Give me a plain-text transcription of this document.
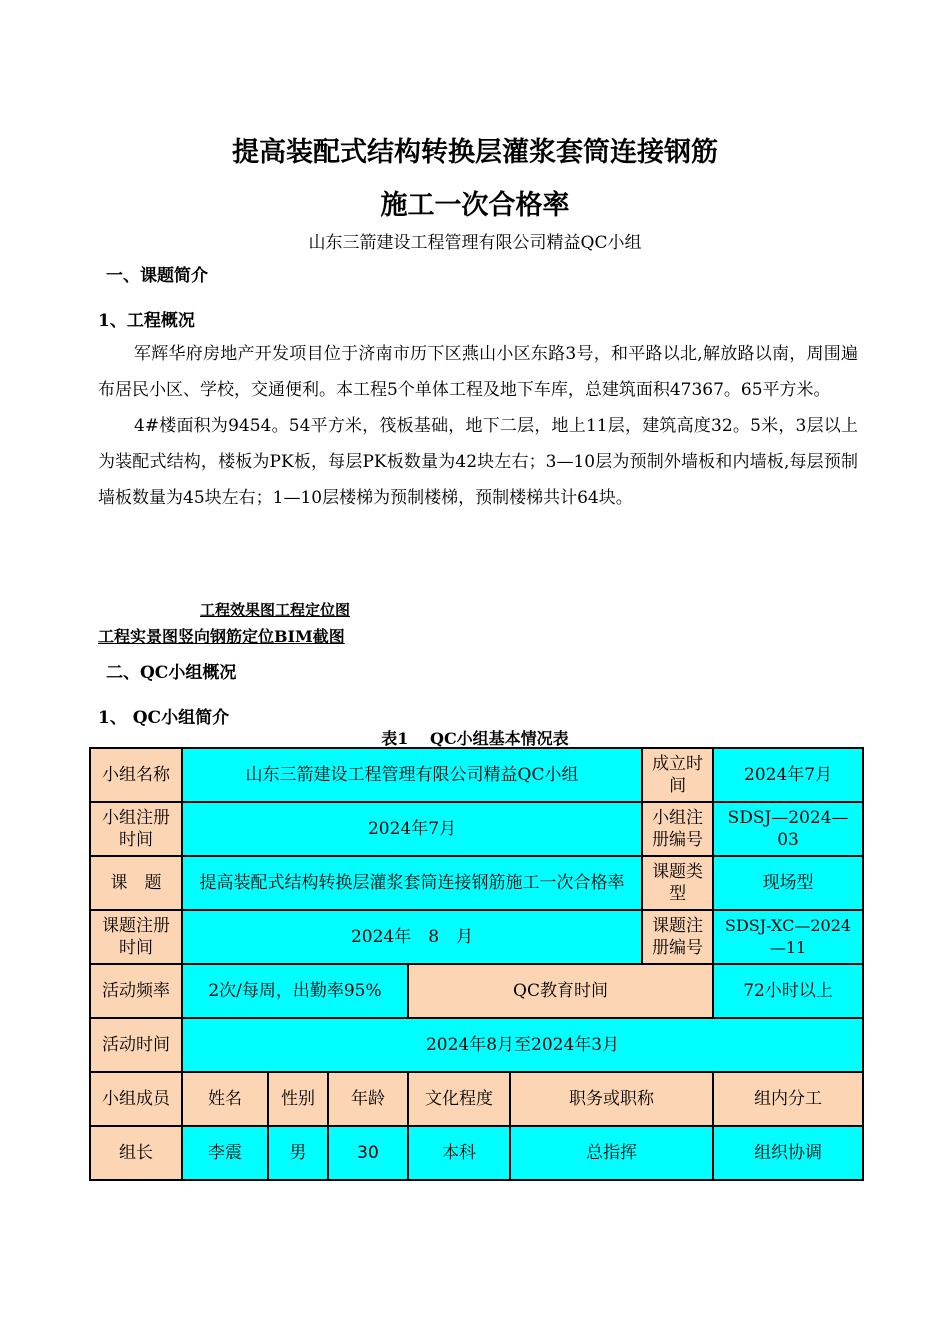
提高装配式结构转换层灌浆套筒连接钢筋
施工一次合格率
山东三箭建设工程管理有限公司精益QC小组
一、课题简介
1、工程概况

军辉华府房地产开发项目位于济南市历下区燕山小区东路3号，和平路以北,解放路以南，周围遍布居民小区、学校，交通便利。本工程5个单体工程及地下车库，总建筑面积47367。65平方米。

4#楼面积为9454。54平方米，筏板基础，地下二层，地上11层，建筑高度32。5米，3层以上为装配式结构，楼板为PK板，每层PK板数量为42块左右；3—10层为预制外墙板和内墙板,每层预制墙板数量为45块左右；1—10层楼梯为预制楼梯，预制楼梯共计64块。

工程效果图工程定位图
工程实景图竖向钢筋定位BIM截图
二、QC小组概况
1、 QC小组简介
表1　 QC小组基本情况表
小组名称	山东三箭建设工程管理有限公司精益QC小组					成立时间	2024年7月
小组注册时间	2024年7月					小组注册编号	SDSJ—2024—03
课　题	提高装配式结构转换层灌浆套筒连接钢筋施工一次合格率					课题类型	现场型
课题注册时间	2024年　8　月					课题注册编号	SDSJ-XC—2024—11
活动频率	2次/每周，出勤率95%			QC教育时间			72小时以上
活动时间	2024年8月至2024年3月						
小组成员	姓名	性别	年龄	文化程度	职务或职称		组内分工
组长	李震	男	30	本科	总指挥		组织协调
